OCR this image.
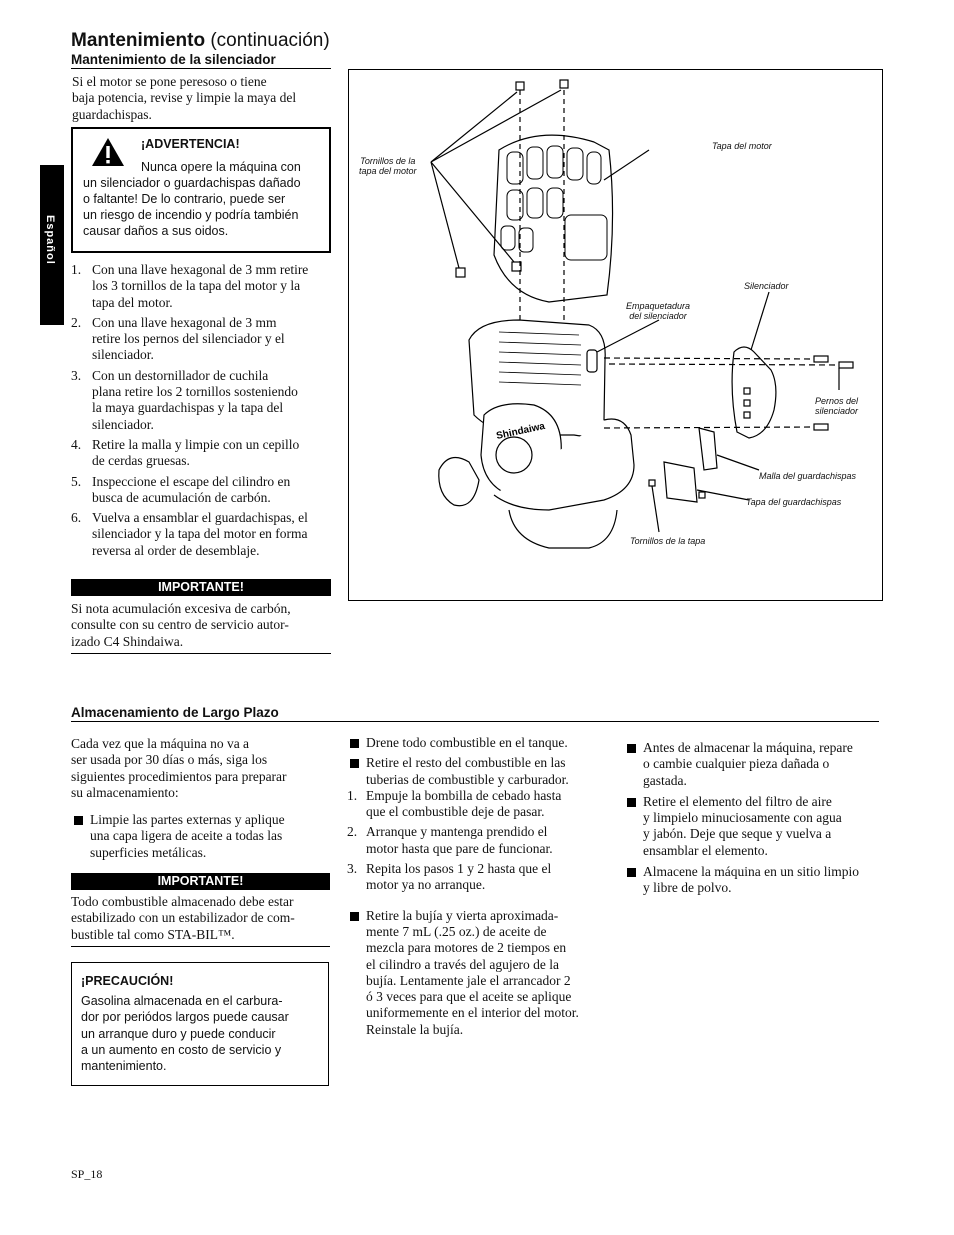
Mantenimiento (continuación)
Mantenimiento de la silenciador
Español
Si el motor se pone peresoso o tiene
baja potencia, revise y limpie la maya del
guardachispas.
¡ADVERTENCIA!
Nunca opere la máquina con
un silenciador o guardachispas dañado
o faltante! De lo contrario, puede ser
un riesgo de incendio y podría también
causar daños a sus oidos.
1. Con una llave hexagonal de 3 mm retire
los 3 tornillos de la tapa del motor y la
tapa del motor.
2. Con una llave hexagonal de 3 mm
retire los pernos del silenciador y el
silenciador.
3. Con un destornillador de cuchila
plana retire los 2 tornillos sosteniendo
la maya guardachispas y la tapa del
silenciador.
4. Retire la malla y limpie con un cepillo
de cerdas gruesas.
5. Inspeccione el escape del cilindro en
busca de acumulación de carbón.
6. Vuelva a ensamblar el guardachispas, el
silenciador y la tapa del motor en forma
reversa al order de desemblaje.
IMPORTANTE!
Si nota acumulación excesiva de carbón,
consulte con su centro de servicio autor-
izado C4 Shindaiwa.
Shindaiwa
Tornillos de la
tapa del motor
Tapa del motor
Silenciador
Empaquetadura
del silenciador
Pernos del
silenciador
Malla del guardachispas
Tapa del guardachispas
Tornillos de la tapa
Almacenamiento de Largo Plazo
Cada vez que la máquina no va a
ser usada por 30 días o más, siga los
siguientes procedimientos para preparar
su almacenamiento:
Limpie las partes externas y aplique
una capa ligera de aceite a todas las
superficies metálicas.
IMPORTANTE!
Todo combustible almacenado debe estar
estabilizado con un estabilizador de com-
bustible tal como STA-BIL™.
¡PRECAUCIÓN!
Gasolina almacenada en el carbura-
dor por periódos largos puede causar
un arranque duro y puede conducir
a un aumento en costo de servicio y
mantenimiento.
Drene todo combustible en el tanque.
Retire el resto del combustible en las
tuberias de combustible y carburador.
1. Empuje la bombilla de cebado hasta
que el combustible deje de pasar.
2. Arranque y mantenga prendido el
motor hasta que pare de funcionar.
3. Repita los pasos 1 y 2 hasta que el
motor ya no arranque.
Retire la bujía y vierta aproximada-
mente 7 mL (.25 oz.) de aceite de
mezcla para motores de 2 tiempos en
el cilindro a través del agujero de la
bujía. Lentamente jale el arrancador 2
ó 3 veces para que el aceite se aplique
uniformemente en el interior del motor.
Reinstale la bujía.
Antes de almacenar la máquina, repare
o cambie cualquier pieza dañada o
gastada.
Retire el elemento del filtro de aire
y limpielo minuciosamente con agua
y jabón. Deje que seque y vuelva a
ensamblar el elemento.
Almacene la máquina en un sitio limpio
y libre de polvo.
SP_18
